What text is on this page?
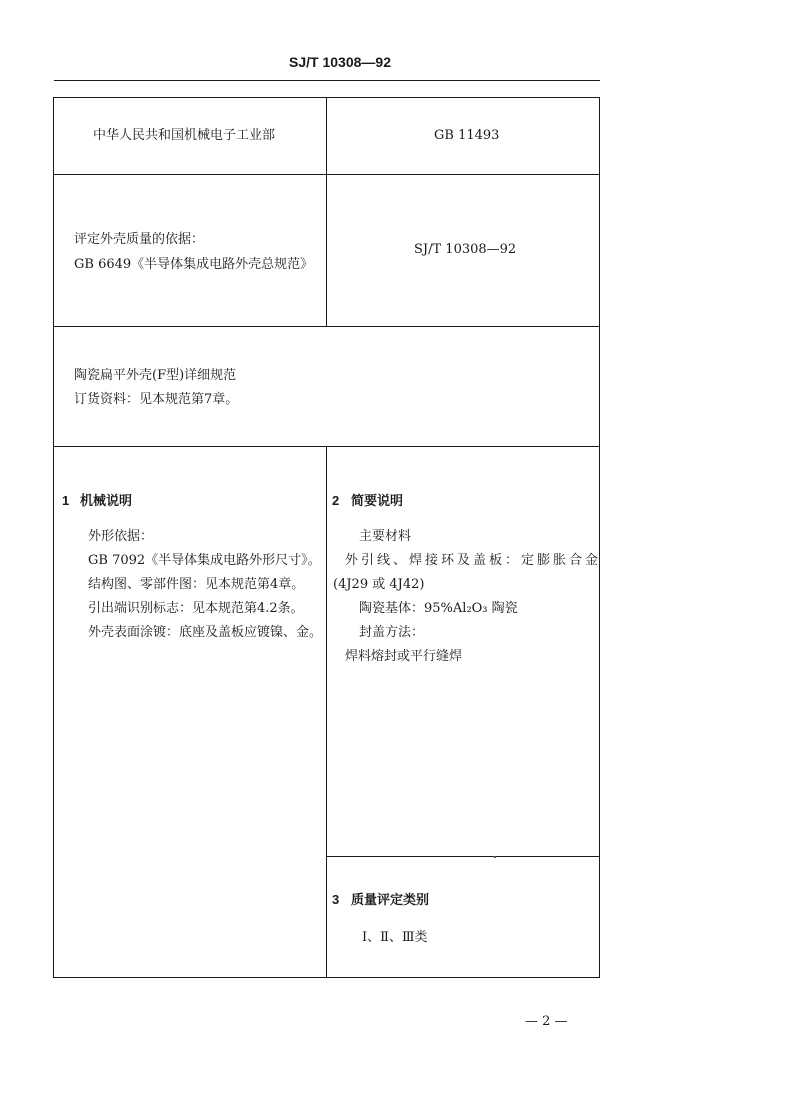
SJ/T 10308—92
中华人民共和国机械电子工业部	GB 11493
评定外壳质量的依据：
GB 6649《半导体集成电路外壳总规范》
SJ/T 10308—92
陶瓷扁平外壳(F型)详细规范
订货资料：见本规范第7章。
1 机械说明
外形依据：
GB 7092《半导体集成电路外形尺寸》。
结构图、零部件图：见本规范第4章。
引出端识别标志：见本规范第4.2条。
外壳表面涂镀：底座及盖板应镀镍、金。
2 简要说明
主要材料
外引线、焊接环及盖板：定膨胀合金
(4J29 或 4J42)
陶瓷基体：95%Al₂O₃ 陶瓷
封盖方法：
焊料熔封或平行缝焊
3 质量评定类别
Ⅰ、Ⅱ、Ⅲ类
— 2 —
